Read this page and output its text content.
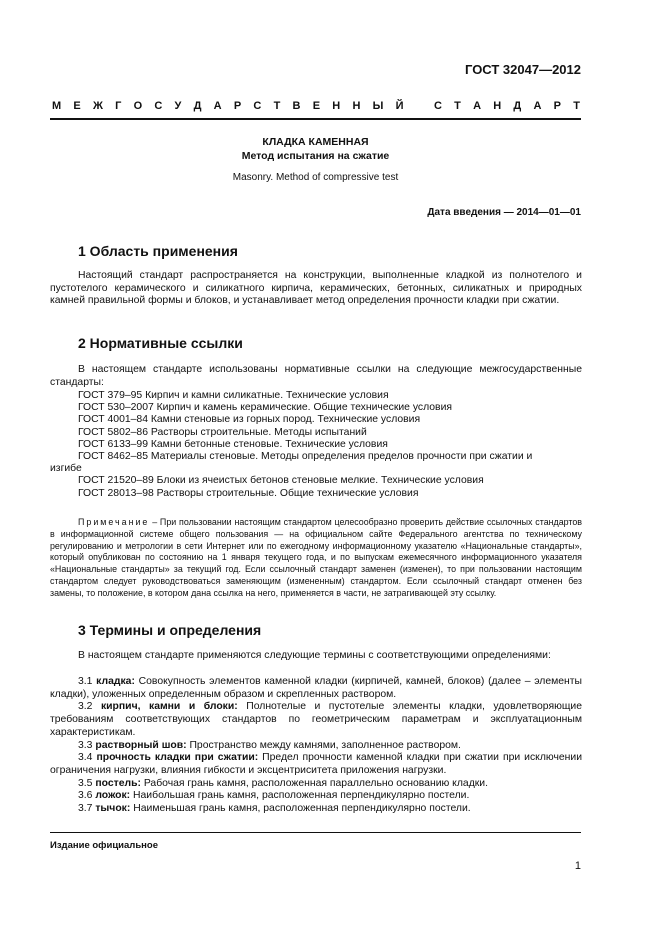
ГОСТ 32047—2012
М Е Ж Г О С У Д А Р С Т В Е Н Н Ы Й	С Т А Н Д А Р Т
КЛАДКА КАМЕННАЯ
Метод испытания на сжатие
Masonry. Method of compressive test
Дата введения — 2014—01—01
1 Область применения

Настоящий стандарт распространяется на конструкции, выполненные кладкой из полнотелого и пустотелого керамического и силикатного кирпича, керамических, бетонных, силикатных и природных камней правильной формы и блоков, и устанавливает метод определения прочности кладки при сжатии.

2 Нормативные ссылки

В настоящем стандарте использованы нормативные ссылки на следующие межгосударственные стандарты:

ГОСТ 379–95 Кирпич и камни силикатные. Технические условия
ГОСТ 530–2007 Кирпич и камень керамические. Общие технические условия
ГОСТ 4001–84 Камни стеновые из горных пород. Технические условия
ГОСТ 5802–86 Растворы строительные. Методы испытаний
ГОСТ 6133–99 Камни бетонные стеновые. Технические условия
ГОСТ 8462–85 Материалы стеновые. Методы определения пределов прочности при сжатии и
изгибе
ГОСТ 21520–89 Блоки из ячеистых бетонов стеновые мелкие. Технические условия
ГОСТ 28013–98 Растворы строительные. Общие технические условия

Примечание – При пользовании настоящим стандартом целесообразно проверить действие ссылочных стандартов в информационной системе общего пользования — на официальном сайте Федерального агентства по техническому регулированию и метрологии в сети Интернет или по ежегодному информационному указателю «Национальные стандарты», который опубликован по состоянию на 1 января текущего года, и по выпускам ежемесячного информационного указателя «Национальные стандарты» за текущий год. Если ссылочный стандарт заменен (изменен), то при пользовании настоящим стандартом следует руководствоваться заменяющим (измененным) стандартом. Если ссылочный стандарт отменен без замены, то положение, в котором дана ссылка на него, применяется в части, не затрагивающей эту ссылку.

3 Термины и определения

В настоящем стандарте применяются следующие термины с соответствующими определениями:

3.1 кладка: Совокупность элементов каменной кладки (кирпичей, камней, блоков) (далее – элементы кладки), уложенных определенным образом и скрепленных раствором.
3.2 кирпич, камни и блоки: Полнотелые и пустотелые элементы кладки, удовлетворяющие требованиям соответствующих стандартов по геометрическим параметрам и эксплуатационным характеристикам.
3.3 растворный шов: Пространство между камнями, заполненное раствором.
3.4 прочность кладки при сжатии: Предел прочности каменной кладки при сжатии при исключении ограничения нагрузки, влияния гибкости и эксцентриситета приложения нагрузки.
3.5 постель: Рабочая грань камня, расположенная параллельно основанию кладки.
3.6 ложок: Наибольшая грань камня, расположенная перпендикулярно постели.
3.7 тычок: Наименьшая грань камня, расположенная перпендикулярно постели.
Издание официальное
1
